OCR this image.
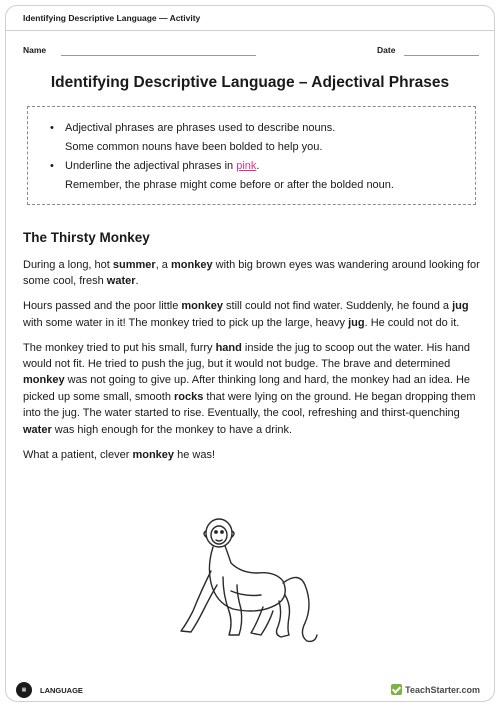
Identifying Descriptive Language — Activity
Name	Date
Identifying Descriptive Language – Adjectival Phrases
• Adjectival phrases are phrases used to describe nouns.
Some common nouns have been bolded to help you.
• Underline the adjectival phrases in pink.
Remember, the phrase might come before or after the bolded noun.
The Thirsty Monkey

During a long, hot summer, a monkey with big brown eyes was wandering around looking for some cool, fresh water.

Hours passed and the poor little monkey still could not find water. Suddenly, he found a jug with some water in it! The monkey tried to pick up the large, heavy jug. He could not do it.

The monkey tried to put his small, furry hand inside the jug to scoop out the water. His hand would not fit. He tried to push the jug, but it would not budge. The brave and determined monkey was not going to give up. After thinking long and hard, the monkey had an idea. He picked up some small, smooth rocks that were lying on the ground. He began dropping them into the jug. The water started to rise. Eventually, the cool, refreshing and thirst-quenching water was high enough for the monkey to have a drink.

What a patient, clever monkey he was!

▦	LANGUAGE	TeachStarter.com
